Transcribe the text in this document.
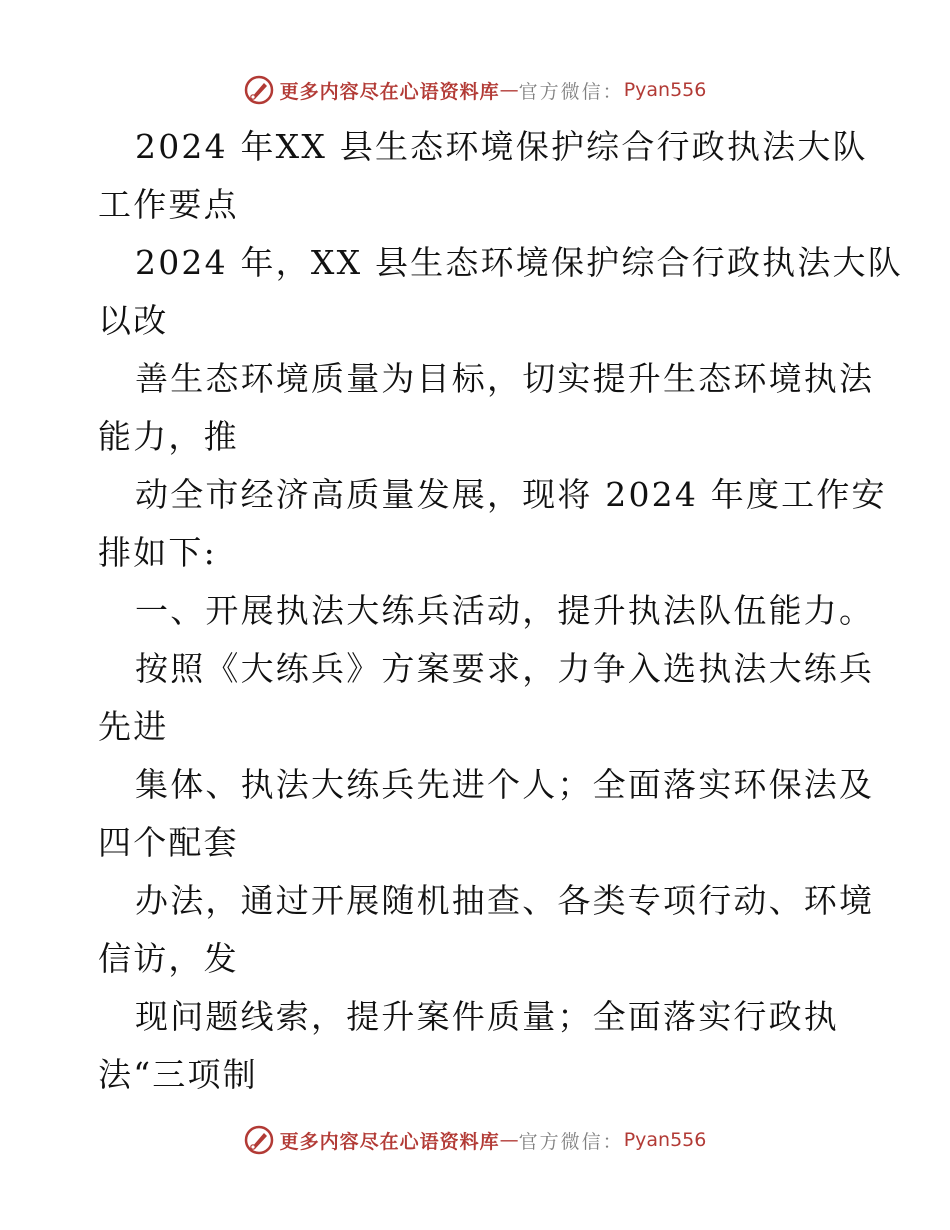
更多内容尽在心语资料库 — 官方微信： Pyan556
2024 年XX 县生态环境保护综合行政执法大队
工作要点
2024 年，XX 县生态环境保护综合行政执法大队
以改
善生态环境质量为目标，切实提升生态环境执法
能力，推
动全市经济高质量发展，现将 2024 年度工作安
排如下:
一、开展执法大练兵活动，提升执法队伍能力。
按照《大练兵》方案要求，力争入选执法大练兵
先进
集体、执法大练兵先进个人；全面落实环保法及
四个配套
办法，通过开展随机抽查、各类专项行动、环境
信访，发
现问题线索，提升案件质量；全面落实行政执
法“三项制
更多内容尽在心语资料库 — 官方微信： Pyan556
